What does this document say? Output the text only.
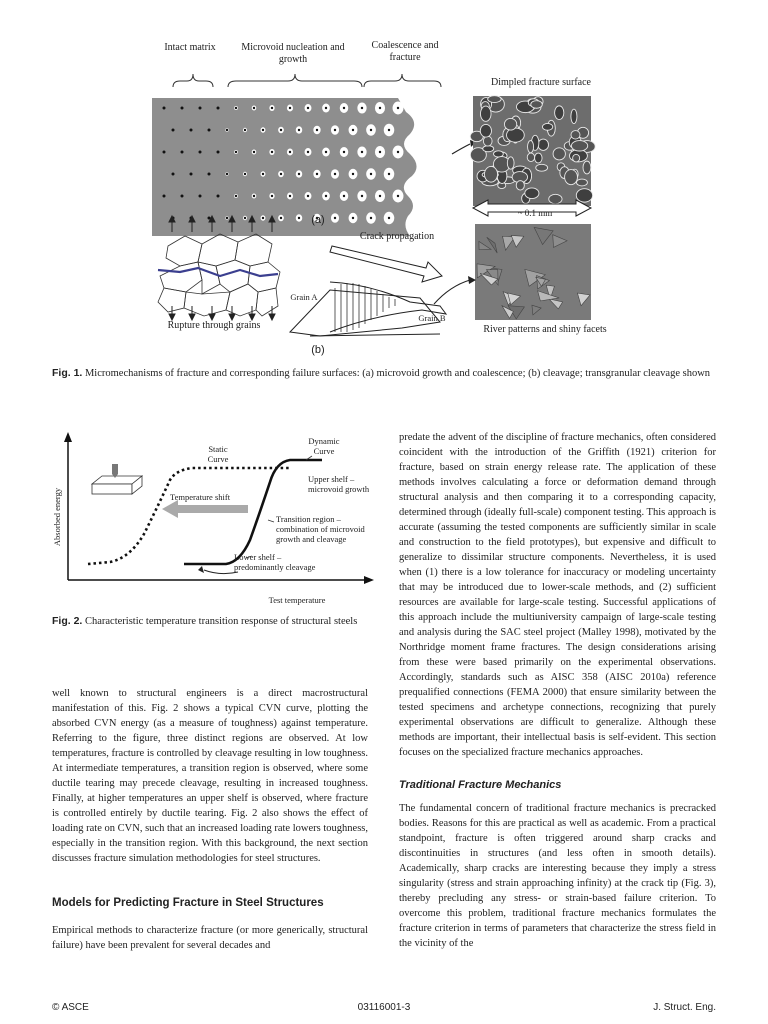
Intact matrix	Microvoid nucleation and growth
Coalescence and fracture
Dimpled fracture surface
(a)
~ 0.1 mm
Crack propagation
Grain A
Grain B
Rupture through grains
(b)
River patterns and shiny facets
Fig. 1. Micromechanisms of fracture and corresponding failure surfaces: (a) microvoid growth and coalescence; (b) cleavage; transgranular cleavage shown
Absorbed energy
Test temperature
Static Curve
Dynamic Curve
Upper shelf – microvoid growth
Temperature shift
Transition region – combination of microvoid growth and cleavage
Lower shelf – predominantly cleavage
Fig. 2. Characteristic temperature transition response of structural steels

well known to structural engineers is a direct macrostructural manifestation of this. Fig. 2 shows a typical CVN curve, plotting the absorbed CVN energy (as a measure of toughness) against temperature. Referring to the figure, three distinct regions are observed. At low temperatures, fracture is controlled by cleavage resulting in low toughness. At intermediate temperatures, a transition region is observed, where some ductile tearing may precede cleavage, resulting in increased toughness. Finally, at higher temperatures an upper shelf is observed, where fracture is controlled entirely by ductile tearing. Fig. 2 also shows the effect of loading rate on CVN, such that an increased loading rate lowers toughness, especially in the transition region. With this background, the next section discusses fracture simulation methodologies for steel structures.

Models for Predicting Fracture in Steel Structures

Empirical methods to characterize fracture (or more generically, structural failure) have been prevalent for several decades and

predate the advent of the discipline of fracture mechanics, often considered coincident with the introduction of the Griffith (1921) criterion for fracture, based on strain energy release rate. The application of these methods involves calculating a force or deformation demand through structural analysis and then comparing it to a corresponding capacity, determined through (ideally full-scale) component testing. This approach is accurate (assuming the tested components are sufficiently similar in scale and construction to the field prototypes), but expensive and difficult to generalize to dissimilar structure components. Nevertheless, it is used when (1) there is a low tolerance for inaccuracy or modeling uncertainty that may be introduced due to lower-scale methods, and (2) sufficient resources are available for large-scale testing. Successful applications of this approach include the multiuniversity campaign of large-scale testing and analysis during the SAC steel project (Malley 1998), motivated by the Northridge moment frame fractures. The design considerations arising from these were based primarily on the experimental observations. Accordingly, standards such as AISC 358 (AISC 2010a) reference prequalified connections (FEMA 2000) that ensure similarity between the tested specimens and archetype connections, recognizing that purely experimental observations are difficult to generalize. Although these methods are important, their intellectual basis is self-evident. This section focuses on the specialized fracture mechanics approaches.

Traditional Fracture Mechanics

The fundamental concern of traditional fracture mechanics is precracked bodies. Reasons for this are practical as well as academic. From a practical standpoint, fracture is often triggered around sharp cracks and discontinuities in structures (and less often in smooth details). Academically, sharp cracks are interesting because they imply a stress singularity (stress and strain approaching infinity) at the crack tip (Fig. 3), thereby precluding any stress- or strain-based failure criterion. To overcome this problem, traditional fracture mechanics formulates the fracture criterion in terms of parameters that characterize the stress field in the vicinity of the

© ASCE	03116001-3	J. Struct. Eng.
